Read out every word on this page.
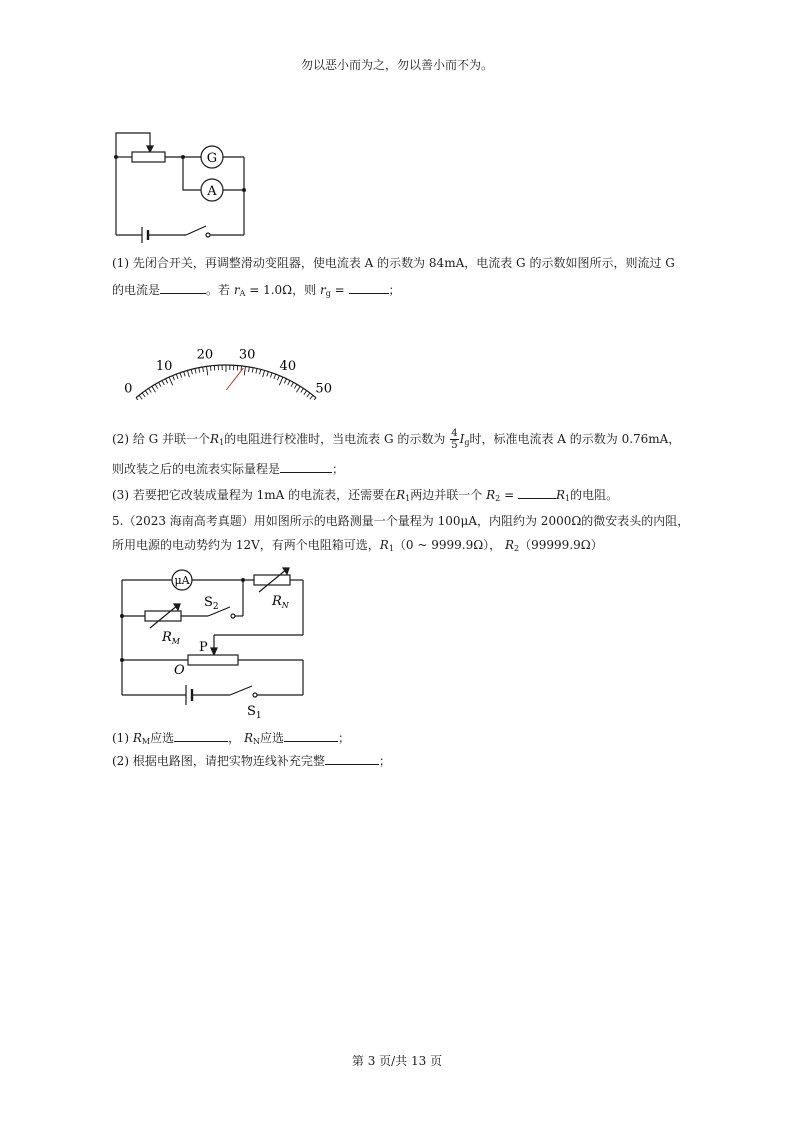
勿以恶小而为之，勿以善小而不为。
G
A
(1) 先闭合开关，再调整滑动变阻器，使电流表 A 的示数为 84mA，电流表 G 的示数如图所示，则流过 G
的电流是	。若 $r_A = 1.0\Omega$，则 $r_g$ =	；
0
10
20 30
40
50
(2) 给 G 并联一个$R_1$的电阻进行校准时，当电流表 G 的示数为 $\frac{4}{5} I_g$时，标准电流表 A 的示数为 0.76mA，
则改装之后的电流表实际量程是	；
(3) 若要把它改装成量程为 1mA 的电流表，还需要在$R_1$两边并联一个 $R_2$ =	$R_1$的电阻。
5.（2023 海南高考真题）用如图所示的电路测量一个量程为 100μA，内阻约为 2000Ω的微安表头的内阻，
所用电源的电动势约为 12V，有两个电阻箱可选，$R_1(0$ ~ 9999.9Ω）， $R_2(99999.9\Omega)$
μA
$S_2$	$R_N$
$R_M$ P
O
$S_1$
(1) $R_M$应选	， $R_N$应选	；
(2) 根据电路图，请把实物连线补充完整	；
第 3 页/共 13 页
